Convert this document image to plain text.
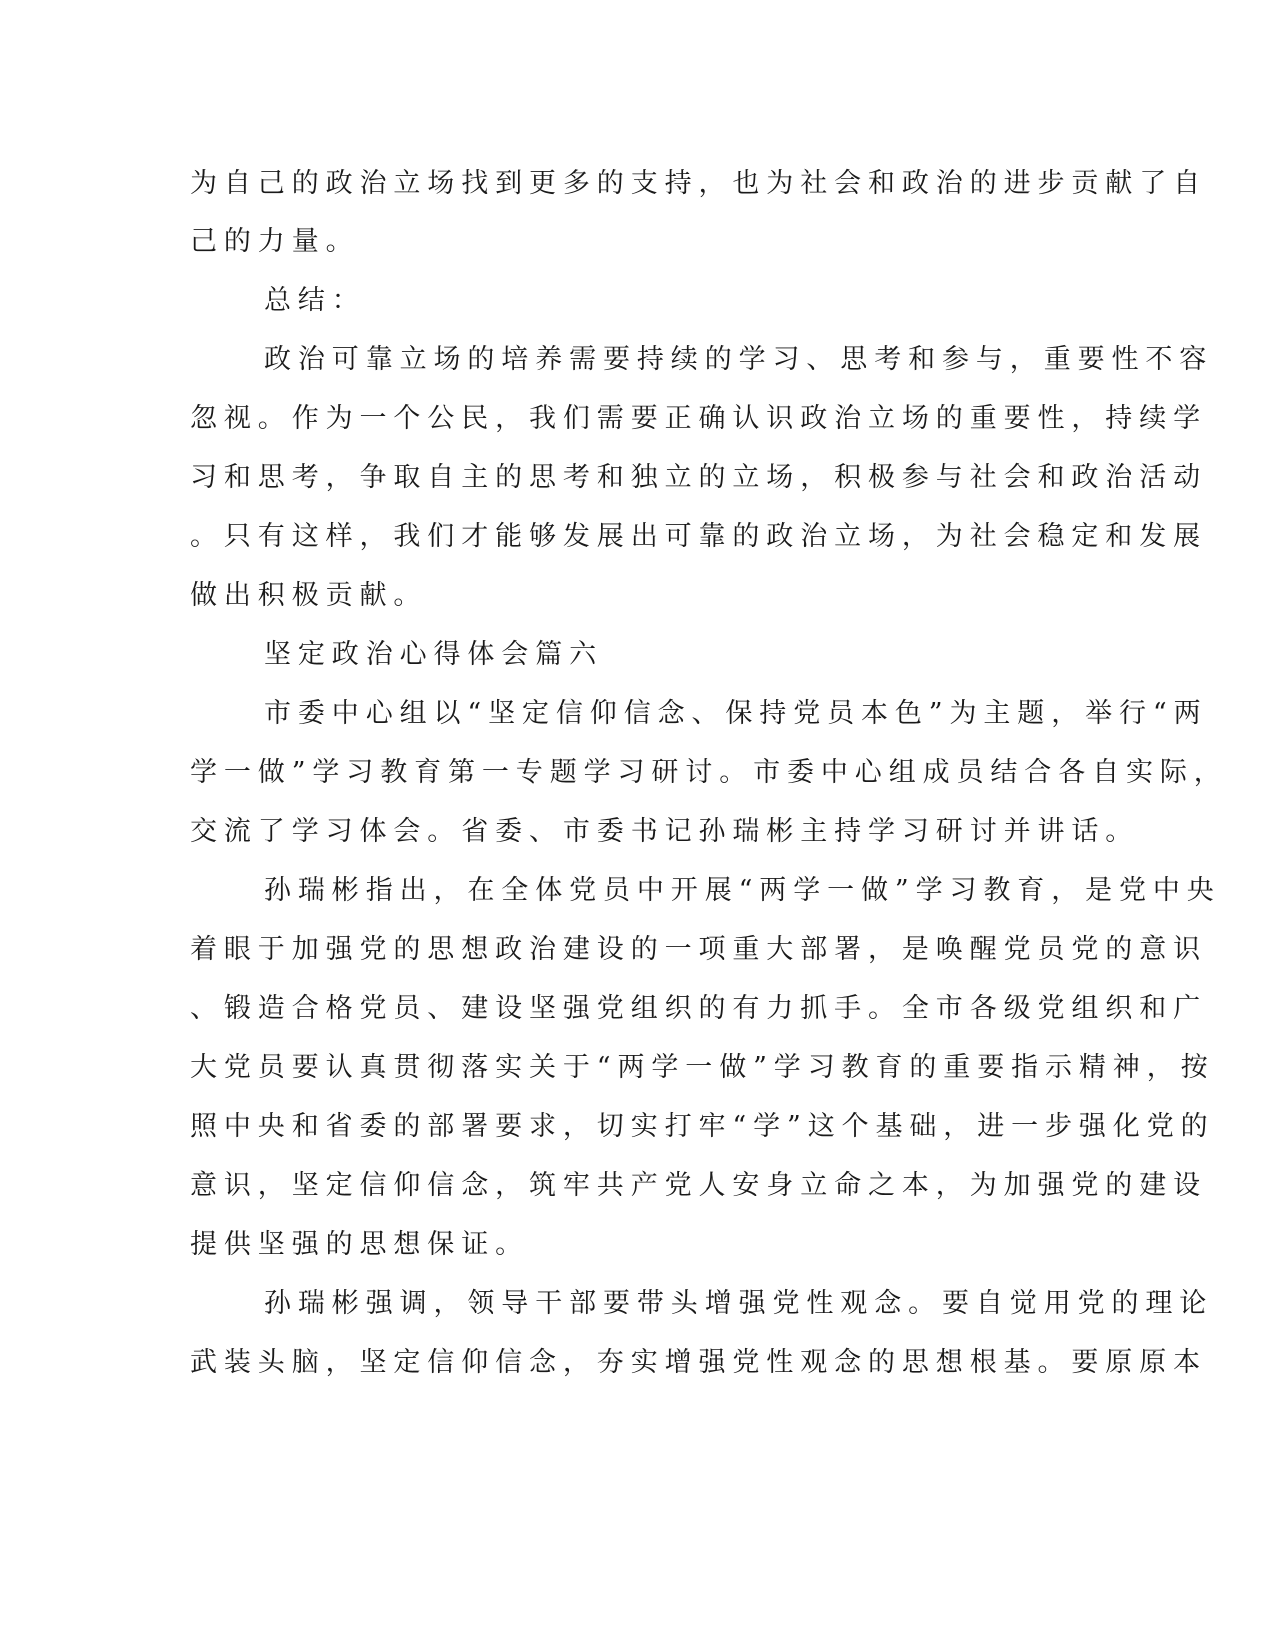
为自己的政治立场找到更多的支持，也为社会和政治的进步贡献了自

己的力量。

总结：

政治可靠立场的培养需要持续的学习、思考和参与，重要性不容

忽视。作为一个公民，我们需要正确认识政治立场的重要性，持续学

习和思考，争取自主的思考和独立的立场，积极参与社会和政治活动

。只有这样，我们才能够发展出可靠的政治立场，为社会稳定和发展

做出积极贡献。

坚定政治心得体会篇六

市委中心组以“坚定信仰信念、保持党员本色”为主题，举行“两

学一做”学习教育第一专题学习研讨。市委中心组成员结合各自实际，

交流了学习体会。省委、市委书记孙瑞彬主持学习研讨并讲话。

孙瑞彬指出，在全体党员中开展“两学一做”学习教育，是党中央

着眼于加强党的思想政治建设的一项重大部署，是唤醒党员党的意识

、锻造合格党员、建设坚强党组织的有力抓手。全市各级党组织和广

大党员要认真贯彻落实关于“两学一做”学习教育的重要指示精神，按

照中央和省委的部署要求，切实打牢“学”这个基础，进一步强化党的

意识，坚定信仰信念，筑牢共产党人安身立命之本，为加强党的建设

提供坚强的思想保证。

孙瑞彬强调，领导干部要带头增强党性观念。要自觉用党的理论

武装头脑，坚定信仰信念，夯实增强党性观念的思想根基。要原原本
